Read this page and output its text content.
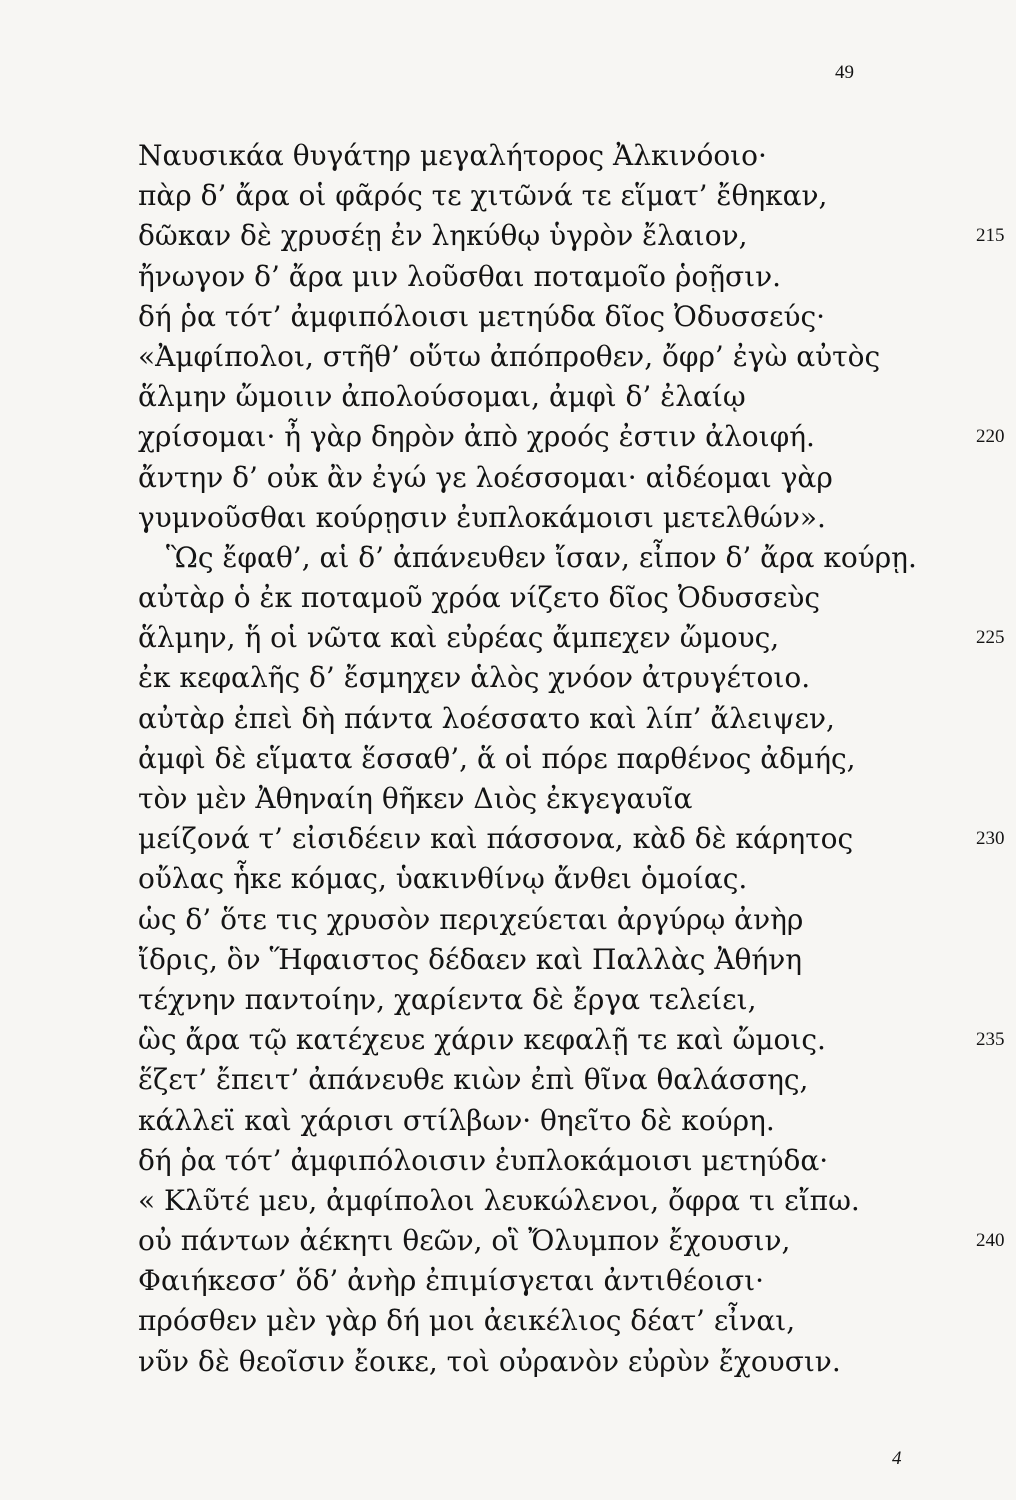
49
Ναυσικάα θυγάτηρ μεγαλήτορος Ἀλκινόοιο·
πὰρ δ’ ἄρα οἱ φᾶρός τε χιτῶνά τε εἵματ’ ἔθηκαν,
δῶκαν δὲ χρυσέῃ ἐν ληκύθῳ ὑγρὸν ἔλαιον,	215
ἤνωγον δ’ ἄρα μιν λοῦσθαι ποταμοῖο ῥοῇσιν.
δή ῥα τότ’ ἀμφιπόλοισι μετηύδα δῖος Ὀδυσσεύς·
«Ἀμφίπολοι, στῆθ’ οὕτω ἀπόπροθεν, ὄφρ’ ἐγὼ αὐτὸς
ἅλμην ὤμοιιν ἀπολούσομαι, ἀμφὶ δ’ ἐλαίῳ
χρίσομαι· ἦ γὰρ δηρὸν ἀπὸ χροός ἐστιν ἀλοιφή.	220
ἄντην δ’ οὐκ ἂν ἐγώ γε λοέσσομαι· αἰδέομαι γὰρ
γυμνοῦσθαι κούρῃσιν ἐυπλοκάμοισι μετελθών».
Ὣς ἔφαθ’, αἱ δ’ ἀπάνευθεν ἴσαν, εἶπον δ’ ἄρα κούρῃ.
αὐτὰρ ὁ ἐκ ποταμοῦ χρόα νίζετο δῖος Ὀδυσσεὺς
ἅλμην, ἥ οἱ νῶτα καὶ εὐρέας ἄμπεχεν ὤμους,	225
ἐκ κεφαλῆς δ’ ἔσμηχεν ἁλὸς χνόον ἀτρυγέτοιο.
αὐτὰρ ἐπεὶ δὴ πάντα λοέσσατο καὶ λίπ’ ἄλειψεν,
ἀμφὶ δὲ εἵματα ἕσσαθ’, ἅ οἱ πόρε παρθένος ἀδμής,
τὸν μὲν Ἀθηναίη θῆκεν Διὸς ἐκγεγαυῖα
μείζονά τ’ εἰσιδέειν καὶ πάσσονα, κὰδ δὲ κάρητος	230
οὔλας ἧκε κόμας, ὑακινθίνῳ ἄνθει ὁμοίας.
ὡς δ’ ὅτε τις χρυσὸν περιχεύεται ἀργύρῳ ἀνὴρ
ἴδρις, ὃν Ἥφαιστος δέδαεν καὶ Παλλὰς Ἀθήνη
τέχνην παντοίην, χαρίεντα δὲ ἔργα τελείει,
ὣς ἄρα τῷ κατέχευε χάριν κεφαλῇ τε καὶ ὤμοις.	235
ἕζετ’ ἔπειτ’ ἀπάνευθε κιὼν ἐπὶ θῖνα θαλάσσης,
κάλλεϊ καὶ χάρισι στίλβων· θηεῖτο δὲ κούρη.
δή ῥα τότ’ ἀμφιπόλοισιν ἐυπλοκάμοισι μετηύδα·
« Κλῦτέ μευ, ἀμφίπολοι λευκώλενοι, ὄφρα τι εἴπω.
οὐ πάντων ἀέκητι θεῶν, οἳ Ὄλυμπον ἔχουσιν,	240
Φαιήκεσσ’ ὅδ’ ἀνὴρ ἐπιμίσγεται ἀντιθέοισι·
πρόσθεν μὲν γὰρ δή μοι ἀεικέλιος δέατ’ εἶναι,
νῦν δὲ θεοῖσιν ἔοικε, τοὶ οὐρανὸν εὐρὺν ἔχουσιν.
4
